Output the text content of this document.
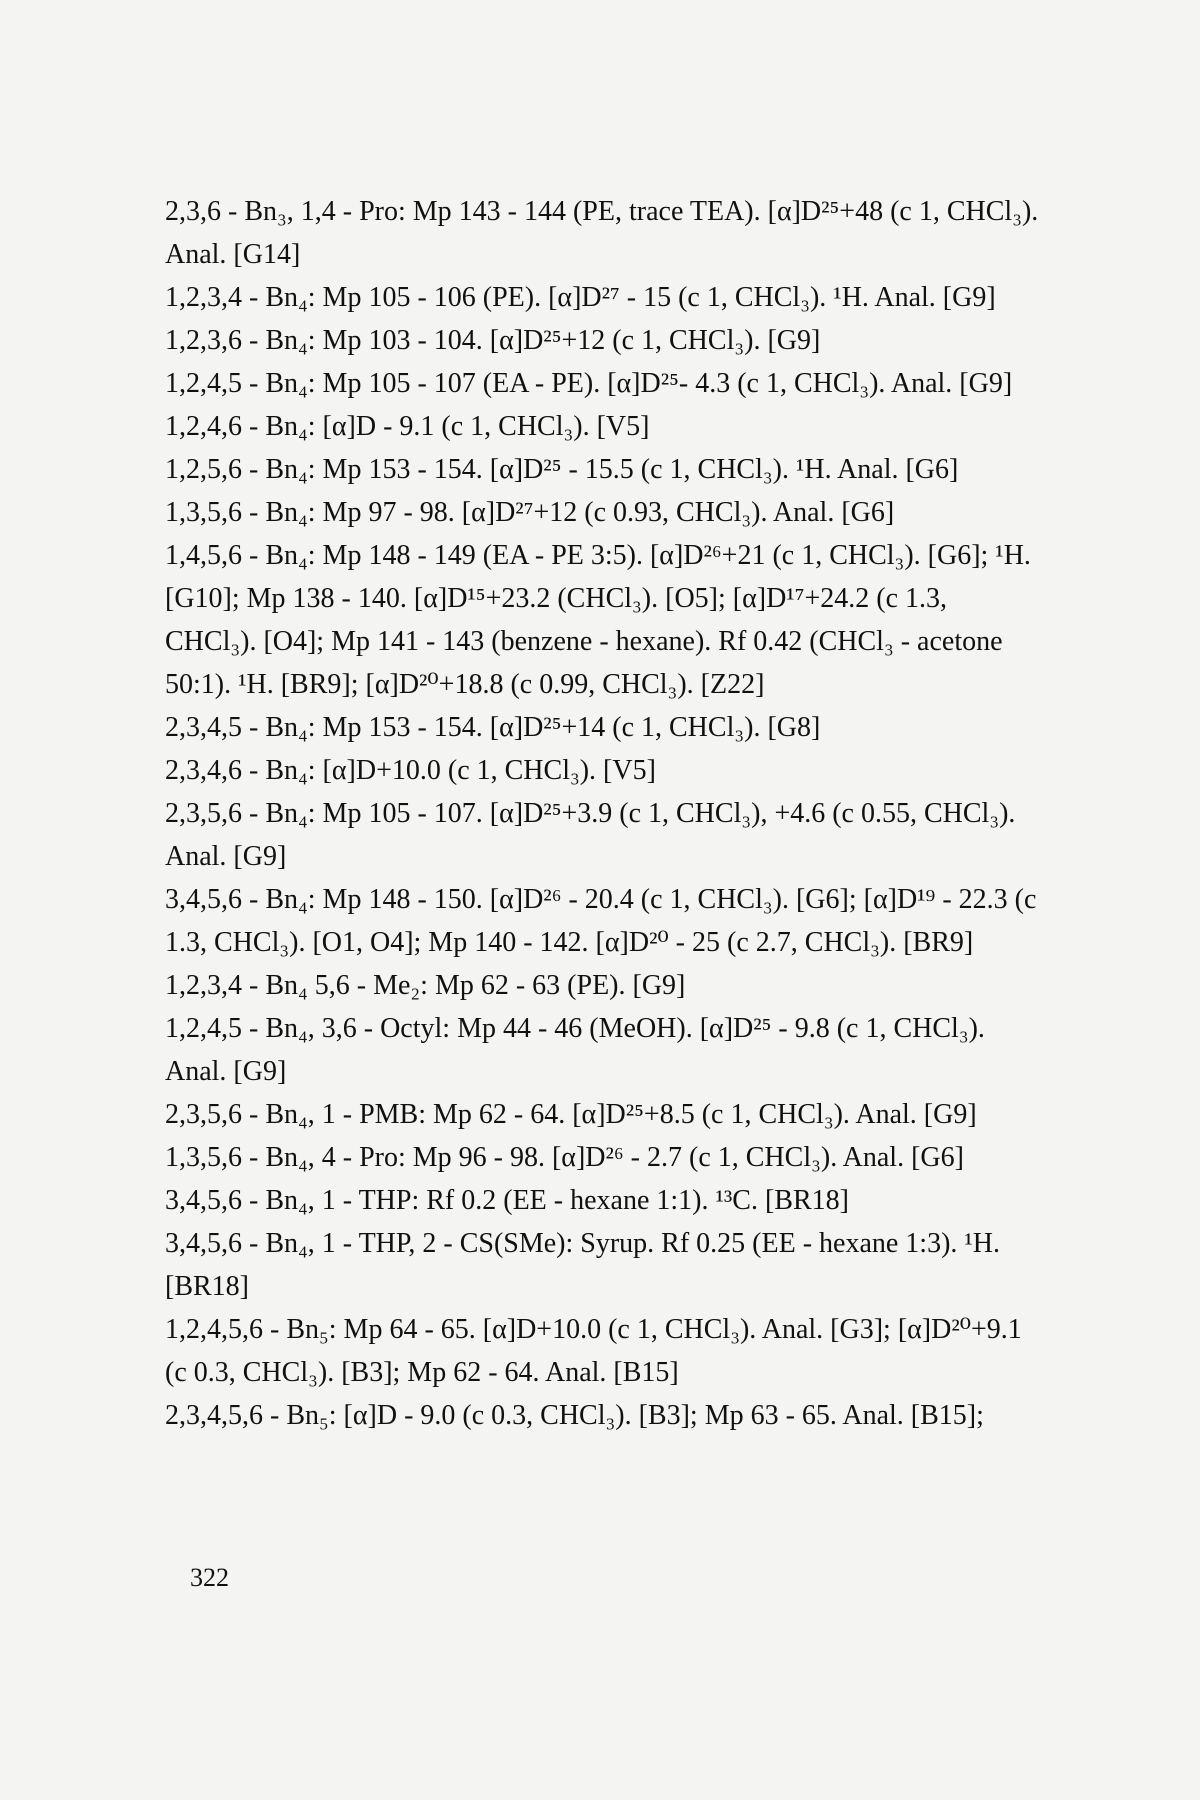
2,3,6 - Bn₃, 1,4 - Pro: Mp 143 - 144 (PE, trace TEA). [α]D²⁵+48 (c 1, CHCl₃).
Anal. [G14]
1,2,3,4 - Bn₄: Mp 105 - 106 (PE). [α]D²⁷ - 15 (c 1, CHCl₃). ¹H. Anal. [G9]
1,2,3,6 - Bn₄: Mp 103 - 104. [α]D²⁵+12 (c 1, CHCl₃). [G9]
1,2,4,5 - Bn₄: Mp 105 - 107 (EA - PE). [α]D²⁵- 4.3 (c 1, CHCl₃). Anal. [G9]
1,2,4,6 - Bn₄: [α]D - 9.1 (c 1, CHCl₃). [V5]
1,2,5,6 - Bn₄: Mp 153 - 154. [α]D²⁵ - 15.5 (c 1, CHCl₃). ¹H. Anal. [G6]
1,3,5,6 - Bn₄: Mp 97 - 98. [α]D²⁷+12 (c 0.93, CHCl₃). Anal. [G6]
1,4,5,6 - Bn₄: Mp 148 - 149 (EA - PE 3:5). [α]D²⁶+21 (c 1, CHCl₃). [G6]; ¹H.
[G10]; Mp 138 - 140. [α]D¹⁵+23.2 (CHCl₃). [O5]; [α]D¹⁷+24.2 (c 1.3,
CHCl₃). [O4]; Mp 141 - 143 (benzene - hexane). Rf 0.42 (CHCl₃ - acetone
50:1). ¹H. [BR9]; [α]D²⁰+18.8 (c 0.99, CHCl₃). [Z22]
2,3,4,5 - Bn₄: Mp 153 - 154. [α]D²⁵+14 (c 1, CHCl₃). [G8]
2,3,4,6 - Bn₄: [α]D+10.0 (c 1, CHCl₃). [V5]
2,3,5,6 - Bn₄: Mp 105 - 107. [α]D²⁵+3.9 (c 1, CHCl₃), +4.6 (c 0.55, CHCl₃).
Anal. [G9]
3,4,5,6 - Bn₄: Mp 148 - 150. [α]D²⁶ - 20.4 (c 1, CHCl₃). [G6]; [α]D¹⁹ - 22.3 (c
1.3, CHCl₃). [O1, O4]; Mp 140 - 142. [α]D²⁰ - 25 (c 2.7, CHCl₃). [BR9]
1,2,3,4 - Bn₄ 5,6 - Me₂: Mp 62 - 63 (PE). [G9]
1,2,4,5 - Bn₄, 3,6 - Octyl: Mp 44 - 46 (MeOH). [α]D²⁵ - 9.8 (c 1, CHCl₃).
Anal. [G9]
2,3,5,6 - Bn₄, 1 - PMB: Mp 62 - 64. [α]D²⁵+8.5 (c 1, CHCl₃). Anal. [G9]
1,3,5,6 - Bn₄, 4 - Pro: Mp 96 - 98. [α]D²⁶ - 2.7 (c 1, CHCl₃). Anal. [G6]
3,4,5,6 - Bn₄, 1 - THP: Rf 0.2 (EE - hexane 1:1). ¹³C. [BR18]
3,4,5,6 - Bn₄, 1 - THP, 2 - CS(SMe): Syrup. Rf 0.25 (EE - hexane 1:3). ¹H.
[BR18]
1,2,4,5,6 - Bn₅: Mp 64 - 65. [α]D+10.0 (c 1, CHCl₃). Anal. [G3]; [α]D²⁰+9.1
(c 0.3, CHCl₃). [B3]; Mp 62 - 64. Anal. [B15]
2,3,4,5,6 - Bn₅: [α]D - 9.0 (c 0.3, CHCl₃). [B3]; Mp 63 - 65. Anal. [B15];
322
